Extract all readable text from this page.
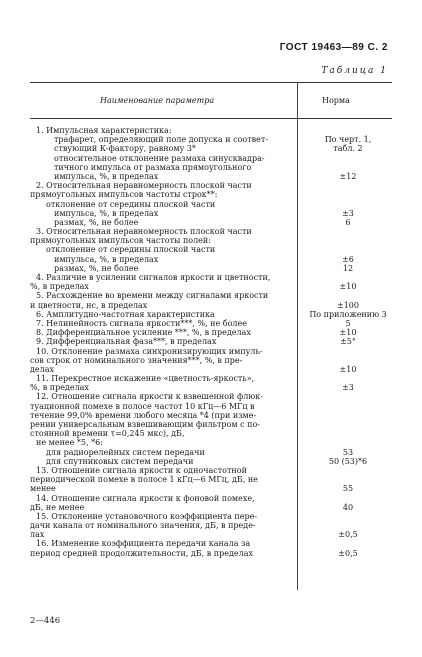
ГОСТ 19463—89 С. 2
Таблица 1
Наименование параметра	Норма
1. Импульсная характеристика:
трафарет, определяющий поле допуска и соответ-	По черт. 1,
ствующий К-фактору, равному 3*	табл. 2
относительное отклонение размаха синусквадра-
тичного импульса от размаха прямоугольного
импульса, %, в пределах	±12
2. Относительная неравномерность плоской части
прямоугольных импульсов частоты строк**:
отклонение от середины плоской части
импульса, %, в пределах	±3
размах, %, не более	6
3. Относительная неравномерность плоской части
прямоугольных импульсов частоты полей:
отклонение от середины плоской части
импульса, %, в пределах	±6
размах, %, не более	12
4. Различие в усилении сигналов яркости и цветности,
%, в пределах	±10
5. Расхождение во времени между сигналами яркости
и цветности, нс, в пределах	±100
6. Амплитудно-частотная характеристика	По приложению 3
7. Нелинейность сигнала яркости***, %, не более	5
8. Дифференциальное усиление ***, %, в пределах	±10
9. Дифференциальная фаза***, в пределах	±5°
10. Отклонение размаха синхронизирующих импуль-
сов строк от номинального значения***, %, в пре-
делах	±10
11. Перекрестное искажение «цветность-яркость»,
%, в пределах	±3
12. Отношение сигнала яркости к взвешенной флюк-
туационной помехе в полосе частот 10 кГц—6 МГц в
течение 99,0% времени любого месяца *4 (при изме-
рении универсальным взвешивающим фильтром с по-
стоянной времени τ=0,245 мкс), дБ,
не менее *5, *6:
для радиорелейных систем передачи	53
для спутниковых систем передачи	50 (53)*6
13. Отношение сигнала яркости к одночастотной
периодической помехе в полосе 1 кГц—6 МГц, дБ, не
менее	55
14. Отношение сигнала яркости к фоновой помехе,
дБ, не менее	40
15. Отклонение установочного коэффициента пере-
дачи канала от номинального значения, дБ, в преде-
лах	±0,5
16. Изменение коэффициента передачи канала за
период средней продолжительности, дБ, в пределах	±0,5
2—446
